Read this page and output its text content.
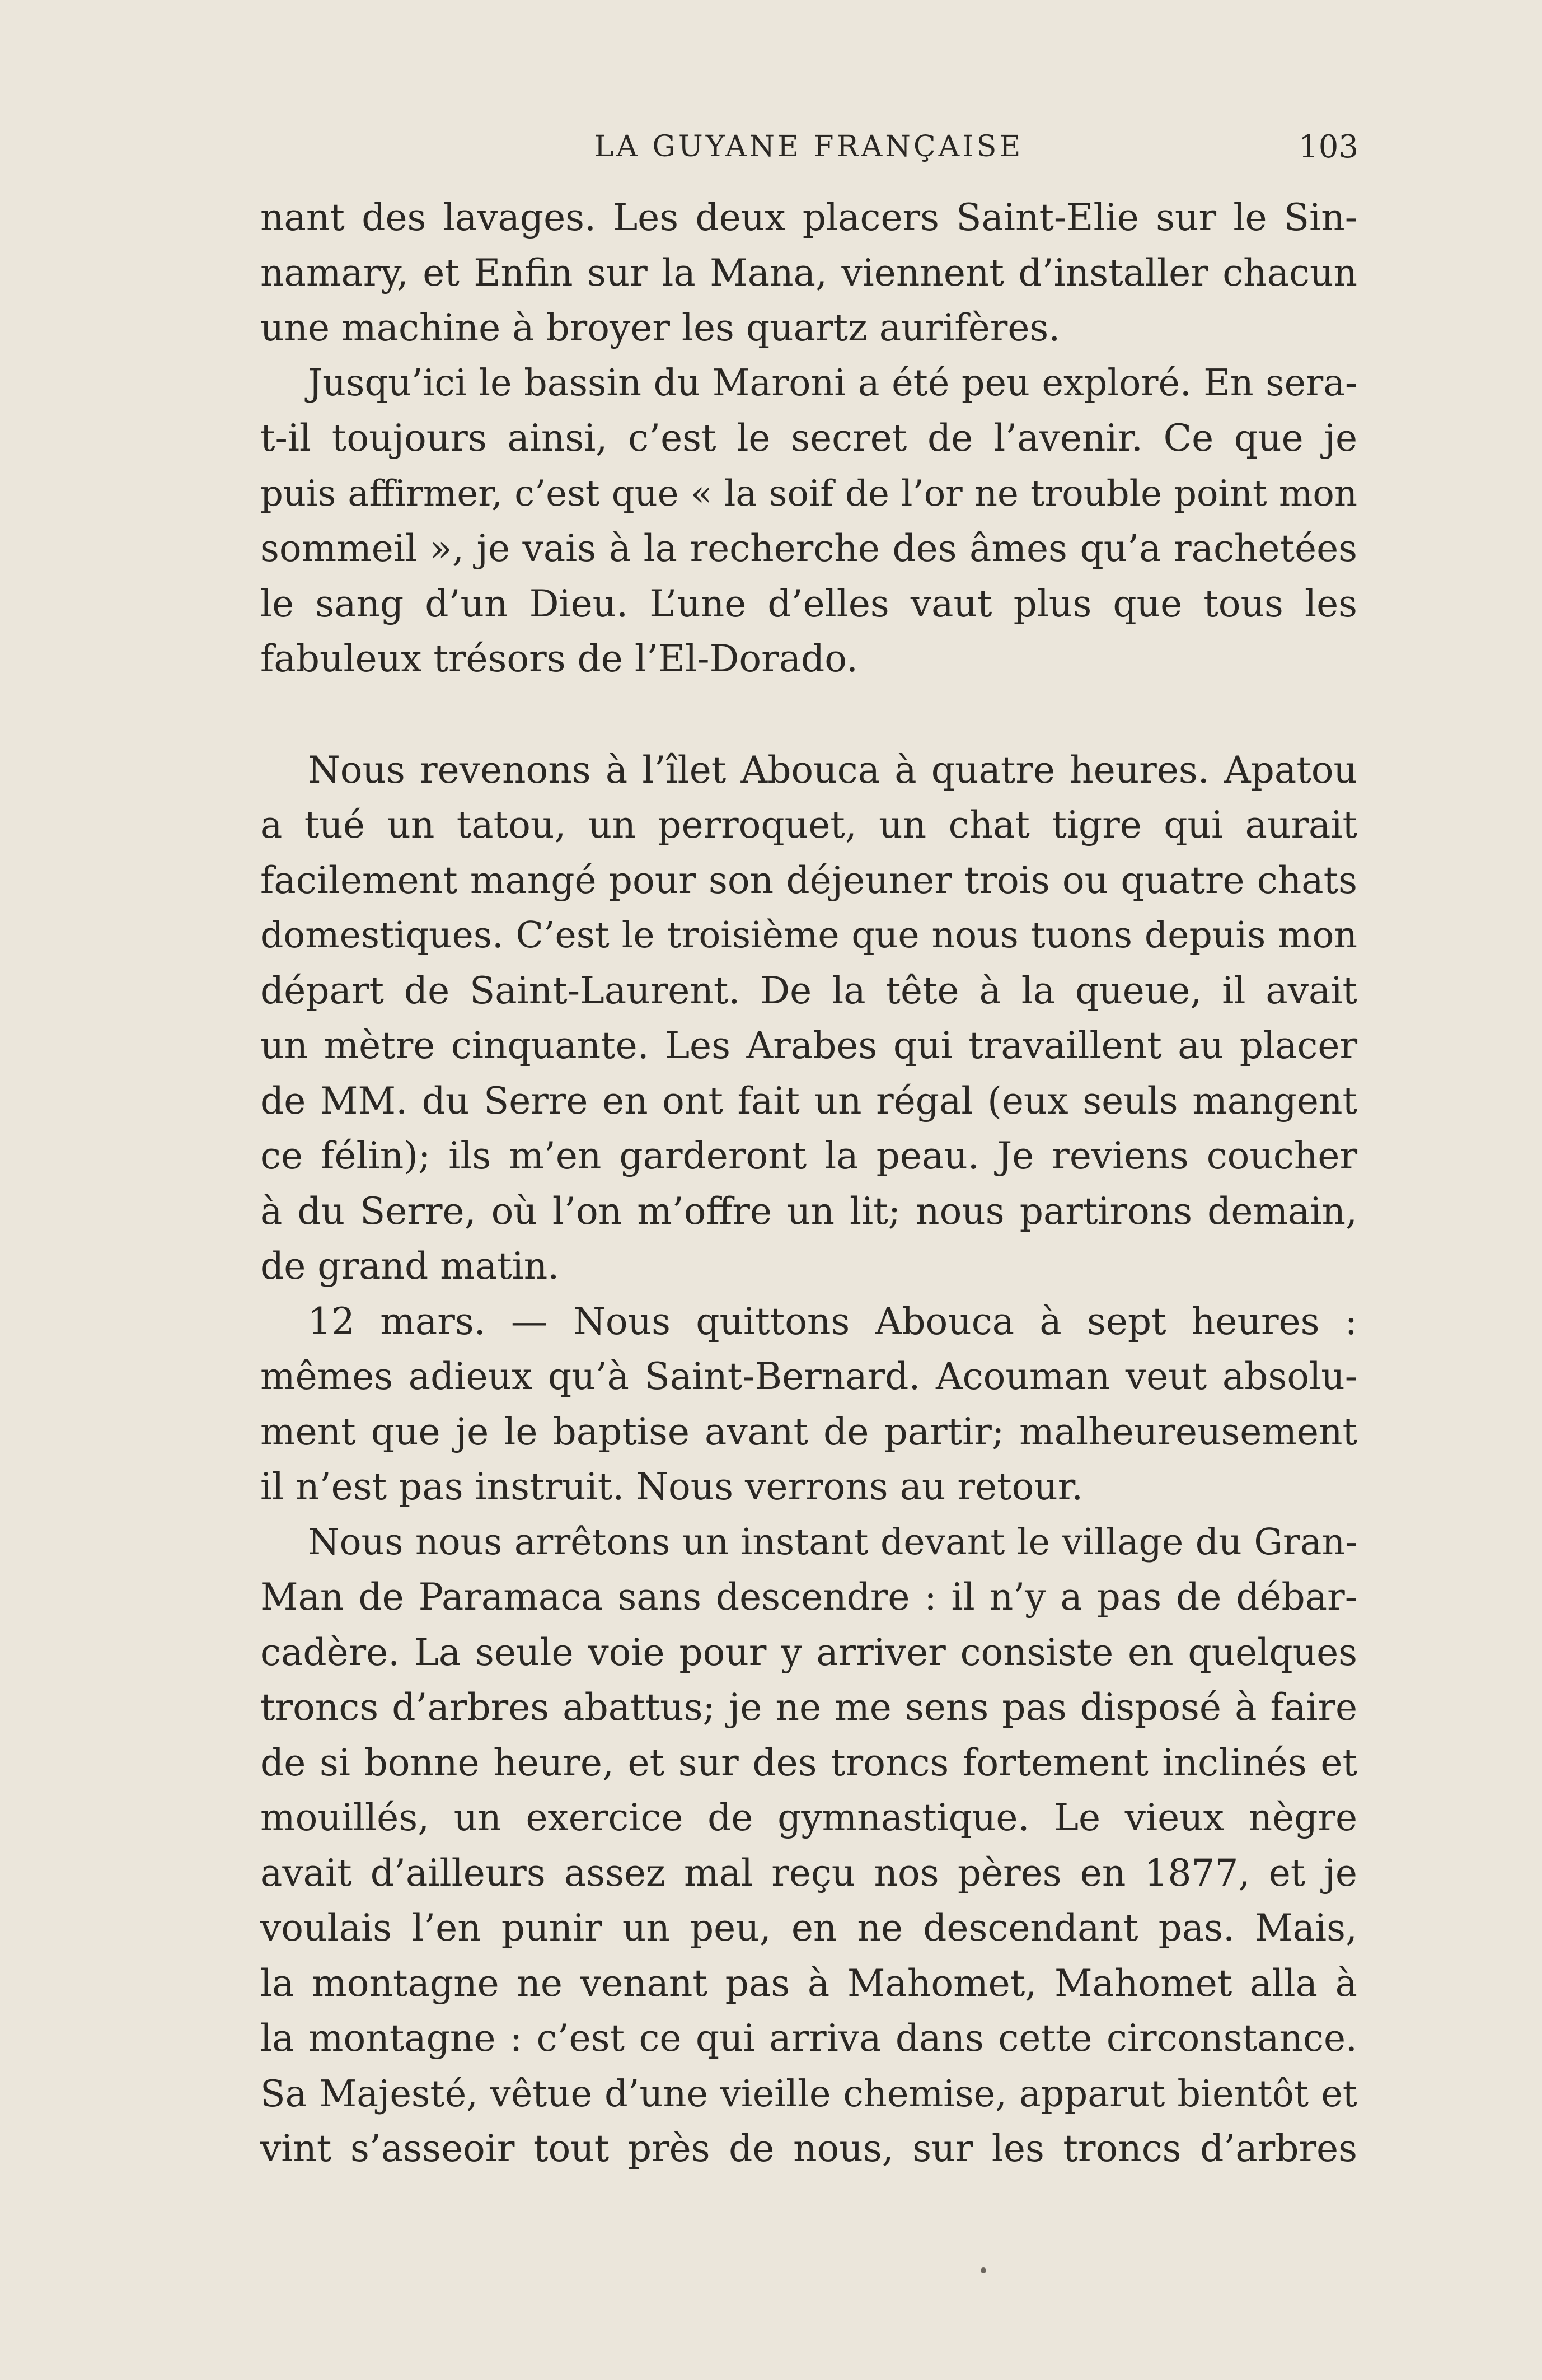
LA GUYANE FRANÇAISE	103
nant des lavages. Les deux placers Saint-Elie sur le Sin-
namary, et Enfin sur la Mana, viennent d’installer chacun
une machine à broyer les quartz aurifères.
Jusqu’ici le bassin du Maroni a été peu exploré. En sera-
t-il toujours ainsi, c’est le secret de l’avenir. Ce que je
puis affirmer, c’est que « la soif de l’or ne trouble point mon
sommeil », je vais à la recherche des âmes qu’a rachetées
le sang d’un Dieu. L’une d’elles vaut plus que tous les
fabuleux trésors de l’El-Dorado.
Nous revenons à l’îlet Abouca à quatre heures. Apatou
a tué un tatou, un perroquet, un chat tigre qui aurait
facilement mangé pour son déjeuner trois ou quatre chats
domestiques. C’est le troisième que nous tuons depuis mon
départ de Saint-Laurent. De la tête à la queue, il avait
un mètre cinquante. Les Arabes qui travaillent au placer
de MM. du Serre en ont fait un régal (eux seuls mangent
ce félin); ils m’en garderont la peau. Je reviens coucher
à du Serre, où l’on m’offre un lit; nous partirons demain,
de grand matin.
12 mars. — Nous quittons Abouca à sept heures :
mêmes adieux qu’à Saint-Bernard. Acouman veut absolu-
ment que je le baptise avant de partir; malheureusement
il n’est pas instruit. Nous verrons au retour.
Nous nous arrêtons un instant devant le village du Gran-
Man de Paramaca sans descendre : il n’y a pas de débar-
cadère. La seule voie pour y arriver consiste en quelques
troncs d’arbres abattus; je ne me sens pas disposé à faire
de si bonne heure, et sur des troncs fortement inclinés et
mouillés, un exercice de gymnastique. Le vieux nègre
avait d’ailleurs assez mal reçu nos pères en 1877, et je
voulais l’en punir un peu, en ne descendant pas. Mais,
la montagne ne venant pas à Mahomet, Mahomet alla à
la montagne : c’est ce qui arriva dans cette circonstance.
Sa Majesté, vêtue d’une vieille chemise, apparut bientôt et
vint s’asseoir tout près de nous, sur les troncs d’arbres
